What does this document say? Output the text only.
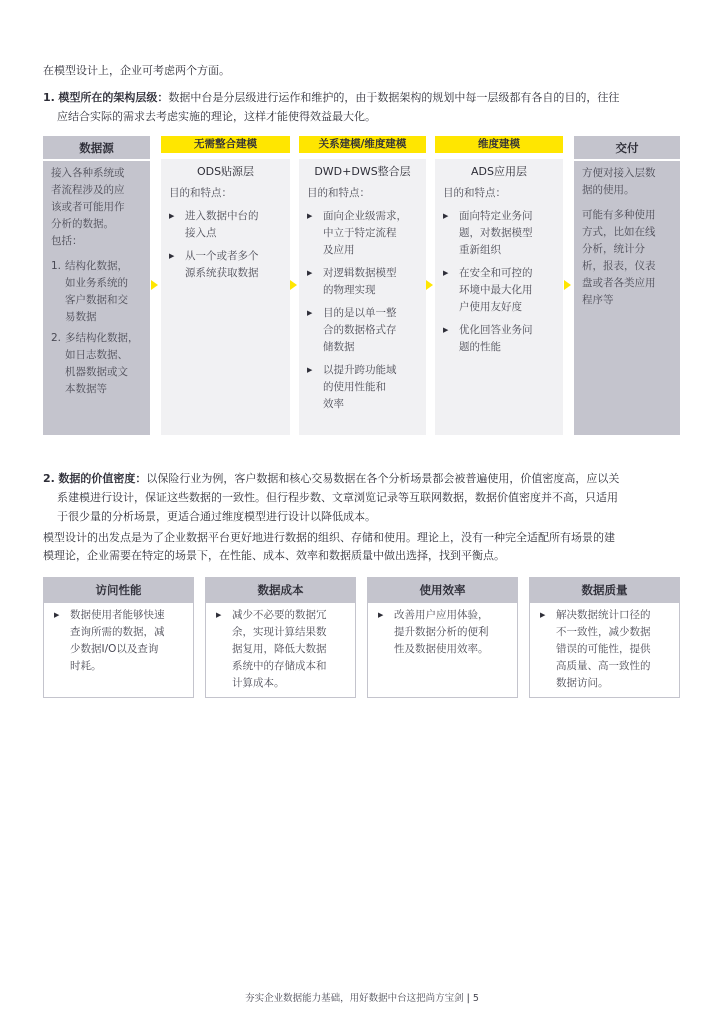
在模型设计上，企业可考虑两个方面。
1. 模型所在的架构层级：数据中台是分层级进行运作和维护的，由于数据架构的规划中每一层级都有各自的目的，往往
应结合实际的需求去考虑实施的理论，这样才能使得效益最大化。
数据源
接入各种系统或
者流程涉及的应
该或者可能用作
分析的数据。
包括：
1. 结构化数据，
如业务系统的
客户数据和交
易数据
2. 多结构化数据，
如日志数据、
机器数据或文
本数据等
无需整合建模
ODS贴源层
目的和特点：
▶ 进入数据中台的
接入点
▶ 从一个或者多个
源系统获取数据
关系建模/维度建模
DWD+DWS整合层
目的和特点：
▶ 面向企业级需求，
中立于特定流程
及应用
▶ 对逻辑数据模型
的物理实现
▶ 目的是以单一整
合的数据格式存
储数据
▶ 以提升跨功能域
的使用性能和
效率
维度建模
ADS应用层
目的和特点：
▶ 面向特定业务问
题，对数据模型
重新组织
▶ 在安全和可控的
环境中最大化用
户使用友好度
▶ 优化回答业务问
题的性能
交付
方便对接入层数
据的使用。
可能有多种使用
方式，比如在线
分析，统计分
析，报表，仪表
盘或者各类应用
程序等
2. 数据的价值密度：以保险行业为例，客户数据和核心交易数据在各个分析场景都会被普遍使用，价值密度高，应以关
系建模进行设计，保证这些数据的一致性。但行程步数、文章浏览记录等互联网数据，数据价值密度并不高，只适用
于很少量的分析场景，更适合通过维度模型进行设计以降低成本。
模型设计的出发点是为了企业数据平台更好地进行数据的组织、存储和使用。理论上，没有一种完全适配所有场景的建
模理论，企业需要在特定的场景下，在性能、成本、效率和数据质量中做出选择，找到平衡点。
访问性能
▶ 数据使用者能够快速
查询所需的数据，减
少数据I/O以及查询
时耗。
数据成本
▶ 减少不必要的数据冗
余，实现计算结果数
据复用，降低大数据
系统中的存储成本和
计算成本。
使用效率
▶ 改善用户应用体验，
提升数据分析的便利
性及数据使用效率。
数据质量
▶ 解决数据统计口径的
不一致性，减少数据
错误的可能性，提供
高质量、高一致性的
数据访问。
夯实企业数据能力基础，用好数据中台这把尚方宝剑 | 5
